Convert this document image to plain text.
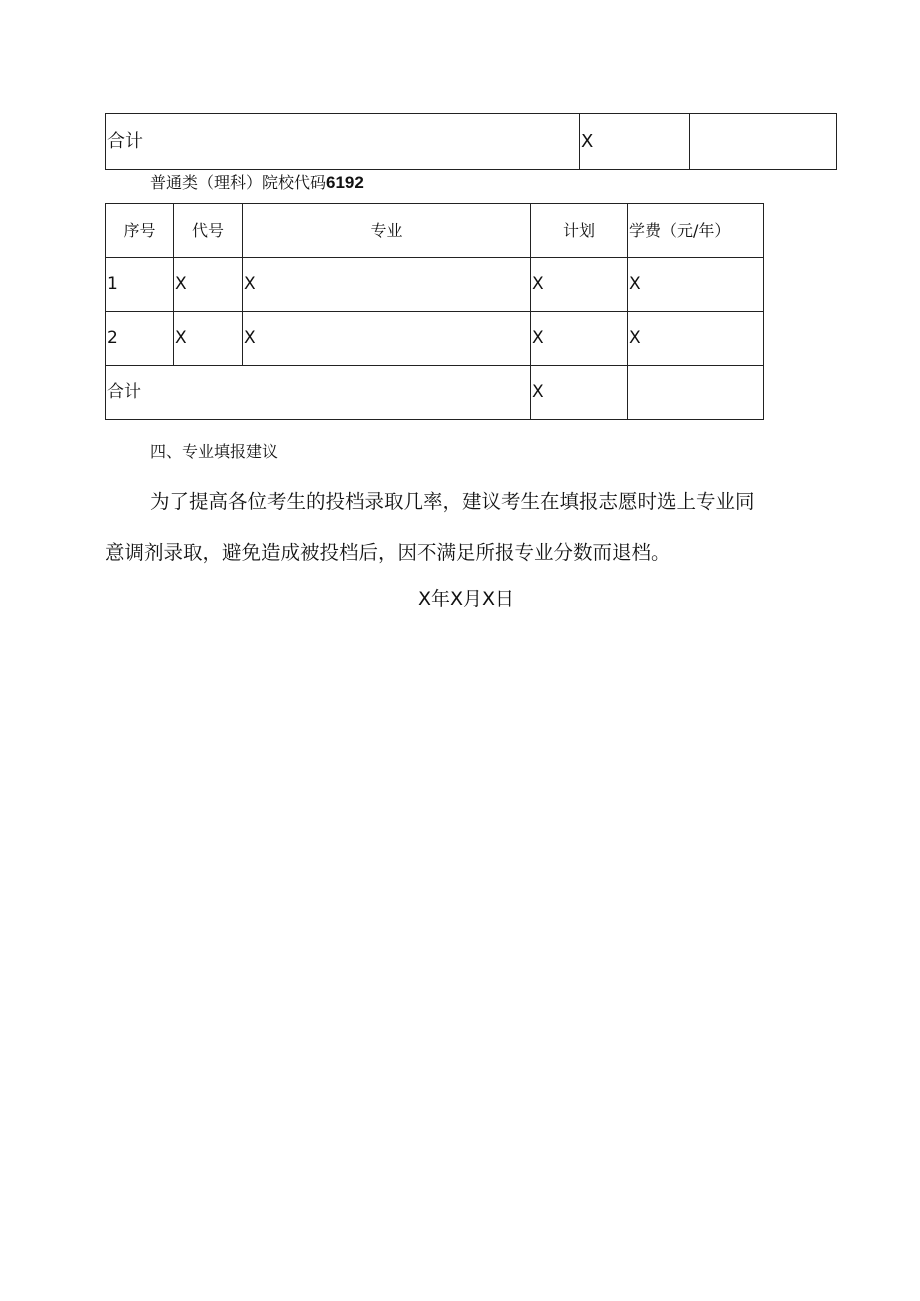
合计	X	
普通类（理科）院校代码6192
序号	代号	专业	计划	学费（元/年）
1	X	X	X	X
2	X	X	X	X
合计			X	
四、专业填报建议
为了提高各位考生的投档录取几率，建议考生在填报志愿时选上专业同
意调剂录取，避免造成被投档后，因不满足所报专业分数而退档。
X年X月X日
